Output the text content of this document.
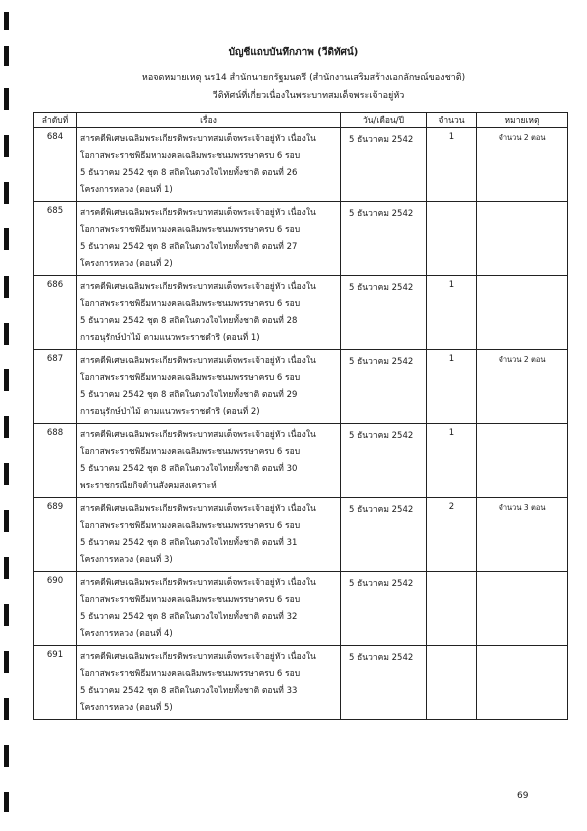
บัญชีแถบบันทึกภาพ (วีดิทัศน์)
หอจดหมายเหตุ นร14 สำนักนายกรัฐมนตรี (สำนักงานเสริมสร้างเอกลักษณ์ของชาติ)
วีดิทัศน์ที่เกี่ยวเนื่องในพระบาทสมเด็จพระเจ้าอยู่หัว
ลำดับที่	เรื่อง	วัน/เดือน/ปี	จำนวน	หมายเหตุ
684	สารคดีพิเศษเฉลิมพระเกียรติพระบาทสมเด็จพระเจ้าอยู่หัว เนื่องใน
โอกาสพระราชพิธีมหามงคลเฉลิมพระชนมพรรษาครบ 6 รอบ
5 ธันวาคม 2542 ชุด 8 สถิตในดวงใจไทยทั้งชาติ ตอนที่ 26
โครงการหลวง (ตอนที่ 1)	5 ธันวาคม 2542	1	จำนวน 2 ตอน
685	สารคดีพิเศษเฉลิมพระเกียรติพระบาทสมเด็จพระเจ้าอยู่หัว เนื่องใน
โอกาสพระราชพิธีมหามงคลเฉลิมพระชนมพรรษาครบ 6 รอบ
5 ธันวาคม 2542 ชุด 8 สถิตในดวงใจไทยทั้งชาติ ตอนที่ 27
โครงการหลวง (ตอนที่ 2)	5 ธันวาคม 2542		
686	สารคดีพิเศษเฉลิมพระเกียรติพระบาทสมเด็จพระเจ้าอยู่หัว เนื่องใน
โอกาสพระราชพิธีมหามงคลเฉลิมพระชนมพรรษาครบ 6 รอบ
5 ธันวาคม 2542 ชุด 8 สถิตในดวงใจไทยทั้งชาติ ตอนที่ 28
การอนุรักษ์ป่าไม้ ตามแนวพระราชดำริ (ตอนที่ 1)	5 ธันวาคม 2542	1	
687	สารคดีพิเศษเฉลิมพระเกียรติพระบาทสมเด็จพระเจ้าอยู่หัว เนื่องใน
โอกาสพระราชพิธีมหามงคลเฉลิมพระชนมพรรษาครบ 6 รอบ
5 ธันวาคม 2542 ชุด 8 สถิตในดวงใจไทยทั้งชาติ ตอนที่ 29
การอนุรักษ์ป่าไม้ ตามแนวพระราชดำริ (ตอนที่ 2)	5 ธันวาคม 2542	1	จำนวน 2 ตอน
688	สารคดีพิเศษเฉลิมพระเกียรติพระบาทสมเด็จพระเจ้าอยู่หัว เนื่องใน
โอกาสพระราชพิธีมหามงคลเฉลิมพระชนมพรรษาครบ 6 รอบ
5 ธันวาคม 2542 ชุด 8 สถิตในดวงใจไทยทั้งชาติ ตอนที่ 30
พระราชกรณียกิจด้านสังคมสงเคราะห์	5 ธันวาคม 2542	1	
689	สารคดีพิเศษเฉลิมพระเกียรติพระบาทสมเด็จพระเจ้าอยู่หัว เนื่องใน
โอกาสพระราชพิธีมหามงคลเฉลิมพระชนมพรรษาครบ 6 รอบ
5 ธันวาคม 2542 ชุด 8 สถิตในดวงใจไทยทั้งชาติ ตอนที่ 31
โครงการหลวง (ตอนที่ 3)	5 ธันวาคม 2542	2	จำนวน 3 ตอน
690	สารคดีพิเศษเฉลิมพระเกียรติพระบาทสมเด็จพระเจ้าอยู่หัว เนื่องใน
โอกาสพระราชพิธีมหามงคลเฉลิมพระชนมพรรษาครบ 6 รอบ
5 ธันวาคม 2542 ชุด 8 สถิตในดวงใจไทยทั้งชาติ ตอนที่ 32
โครงการหลวง (ตอนที่ 4)	5 ธันวาคม 2542		
691	สารคดีพิเศษเฉลิมพระเกียรติพระบาทสมเด็จพระเจ้าอยู่หัว เนื่องใน
โอกาสพระราชพิธีมหามงคลเฉลิมพระชนมพรรษาครบ 6 รอบ
5 ธันวาคม 2542 ชุด 8 สถิตในดวงใจไทยทั้งชาติ ตอนที่ 33
โครงการหลวง (ตอนที่ 5)	5 ธันวาคม 2542		
69
